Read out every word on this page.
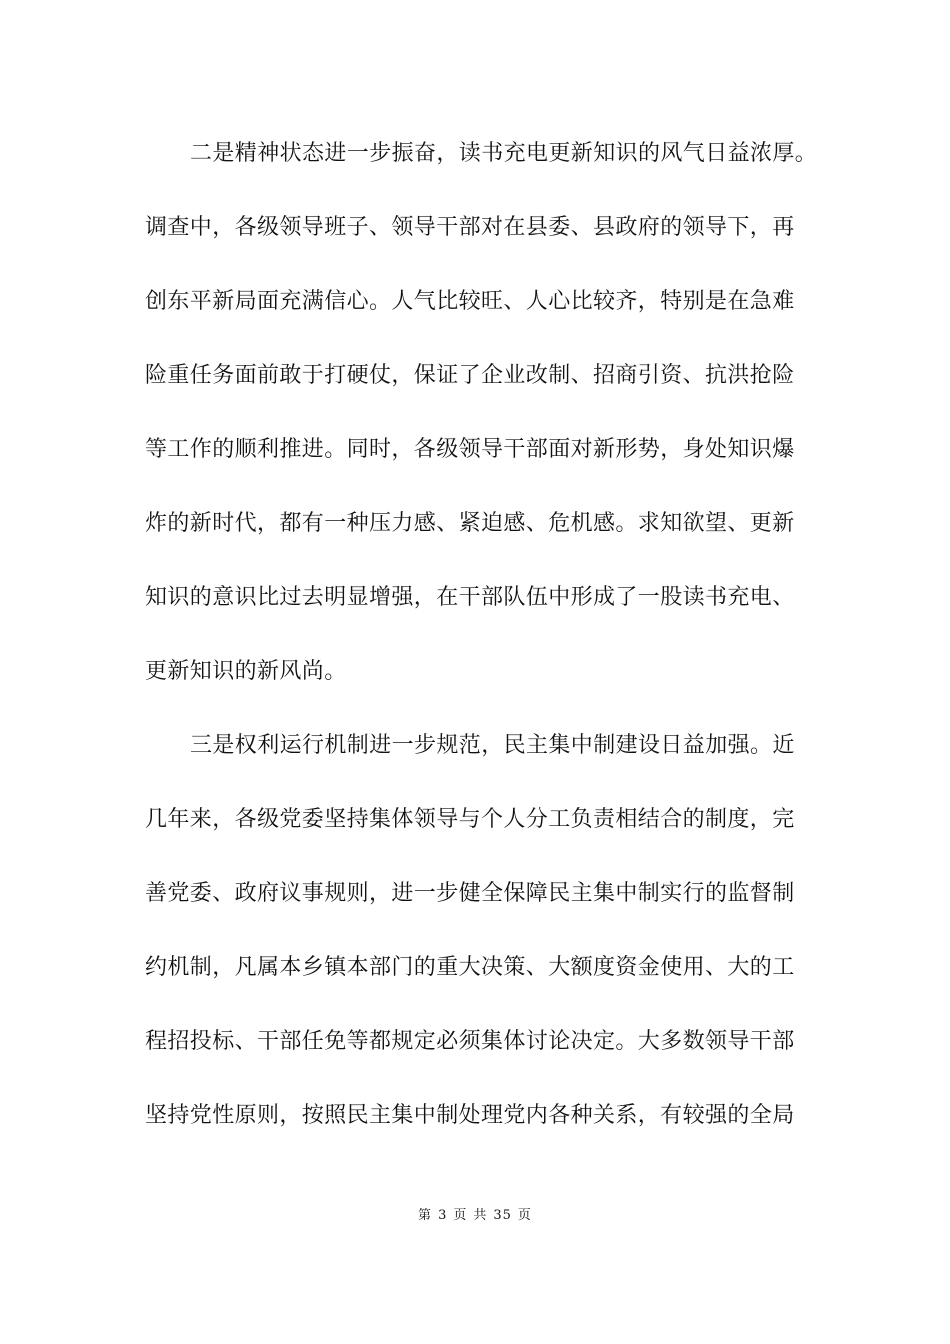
二是精神状态进一步振奋，读书充电更新知识的风气日益浓厚。
调查中，各级领导班子、领导干部对在县委、县政府的领导下，再
创东平新局面充满信心。人气比较旺、人心比较齐，特别是在急难
险重任务面前敢于打硬仗，保证了企业改制、招商引资、抗洪抢险
等工作的顺利推进。同时，各级领导干部面对新形势，身处知识爆
炸的新时代，都有一种压力感、紧迫感、危机感。求知欲望、更新
知识的意识比过去明显增强，在干部队伍中形成了一股读书充电、
更新知识的新风尚。
三是权利运行机制进一步规范，民主集中制建设日益加强。近
几年来，各级党委坚持集体领导与个人分工负责相结合的制度，完
善党委、政府议事规则，进一步健全保障民主集中制实行的监督制
约机制，凡属本乡镇本部门的重大决策、大额度资金使用、大的工
程招投标、干部任免等都规定必须集体讨论决定。大多数领导干部
坚持党性原则，按照民主集中制处理党内各种关系，有较强的全局
第 3 页 共 35 页
